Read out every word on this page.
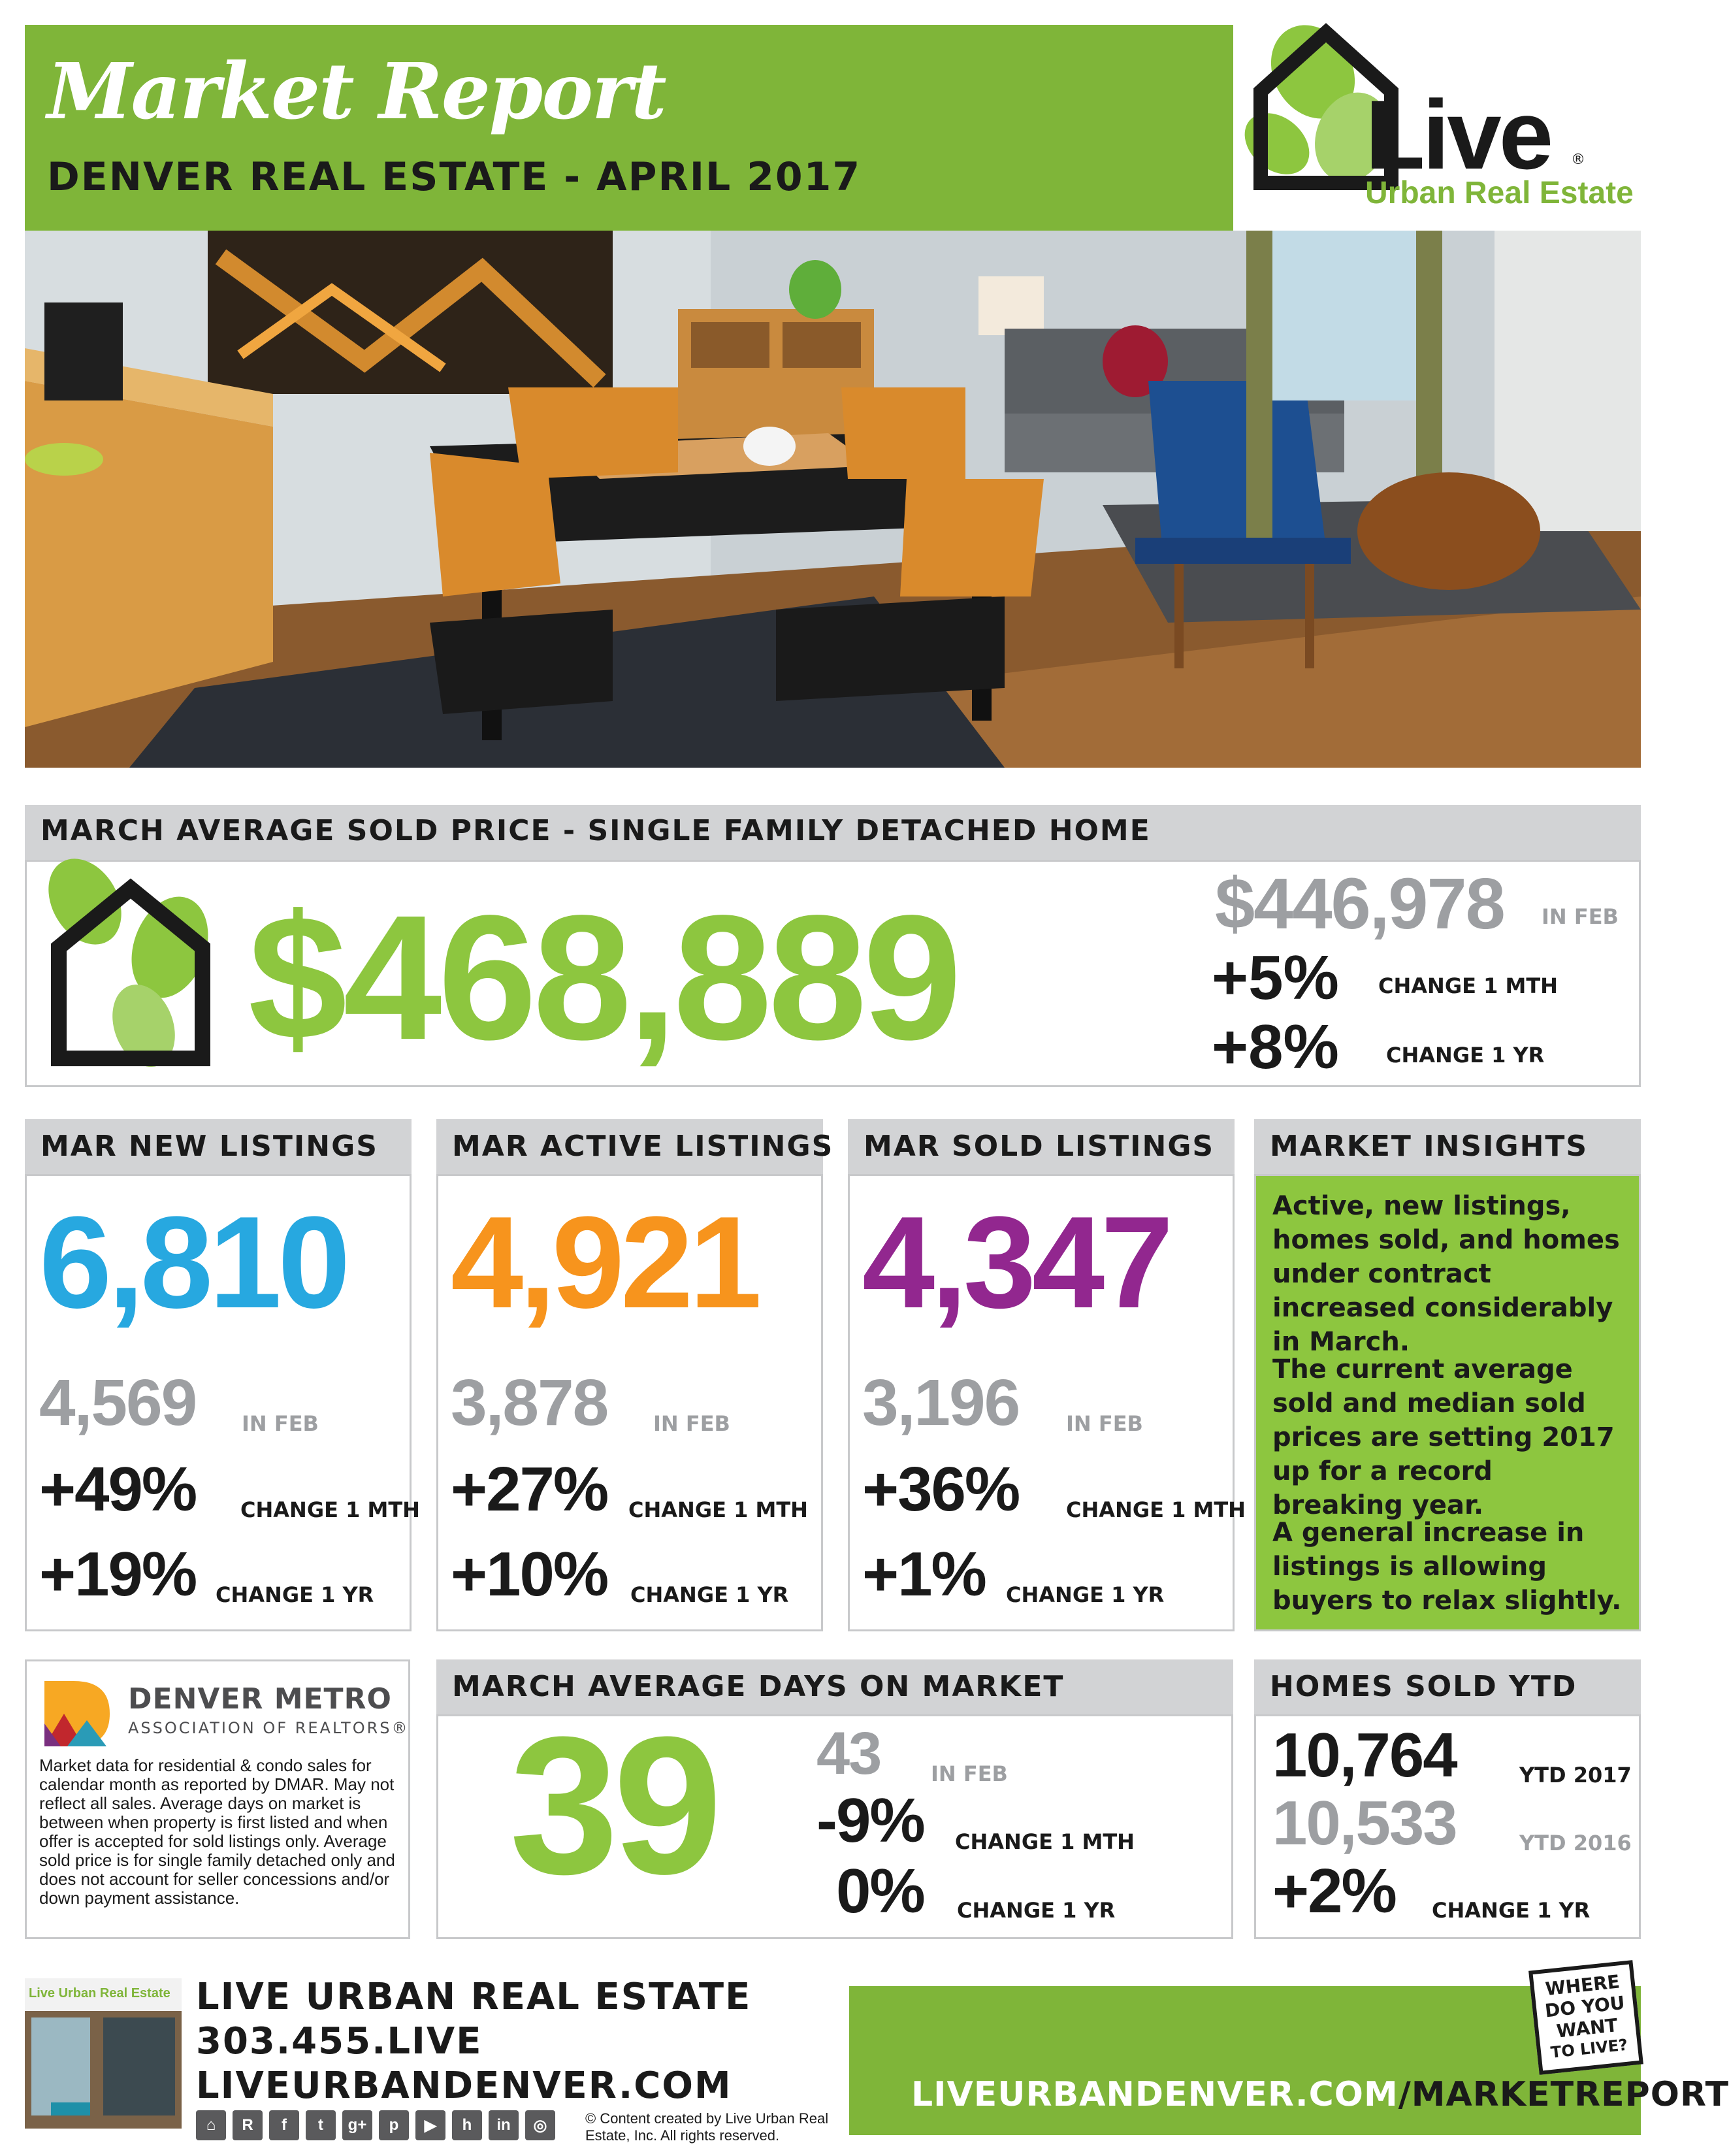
Market Report
DENVER REAL ESTATE - APRIL 2017	Live ®
Urban Real Estate
MARCH AVERAGE SOLD PRICE - SINGLE FAMILY DETACHED HOME
$468,889	$446,978 IN FEB
+5% CHANGE 1 MTH
+8% CHANGE 1 YR
MAR NEW LISTINGS
6,810
4,569 IN FEB
+49% CHANGE 1 MTH
+19% CHANGE 1 YR
MAR ACTIVE LISTINGS
4,921
3,878 IN FEB
+27% CHANGE 1 MTH
+10% CHANGE 1 YR
MAR SOLD LISTINGS
4,347
3,196 IN FEB
+36% CHANGE 1 MTH
+1% CHANGE 1 YR
MARKET INSIGHTS
Active, new listings, homes sold, and homes under contract increased considerably in March.
The current average sold and median sold prices are setting 2017 up for a record breaking year.
A general increase in listings is allowing buyers to relax slightly.
DENVER METRO
ASSOCIATION OF REALTORS®
Market data for residential & condo sales for calendar month as reported by DMAR. May not reflect all sales. Average days on market is between when property is first listed and when offer is accepted for sold listings only. Average sold price is for single family detached only and does not account for seller concessions and/or down payment assistance.
MARCH AVERAGE DAYS ON MARKET
39 43 IN FEB
-9% CHANGE 1 MTH
0% CHANGE 1 YR
HOMES SOLD YTD
10,764	YTD 2017
10,533	YTD 2016
+2% CHANGE 1 YR
Live Urban Real Estate LIVE URBAN REAL ESTATE
303.455.LIVE
LIVEURBANDENVER.COM
⌂	R	f	t	g+	p	▶	h	in	◎	© Content created by Live Urban Real Estate, Inc. All rights reserved.
LIVEURBANDENVER.COM/MARKETREPORT
WHERE
DO YOU
WANT
TO LIVE?
